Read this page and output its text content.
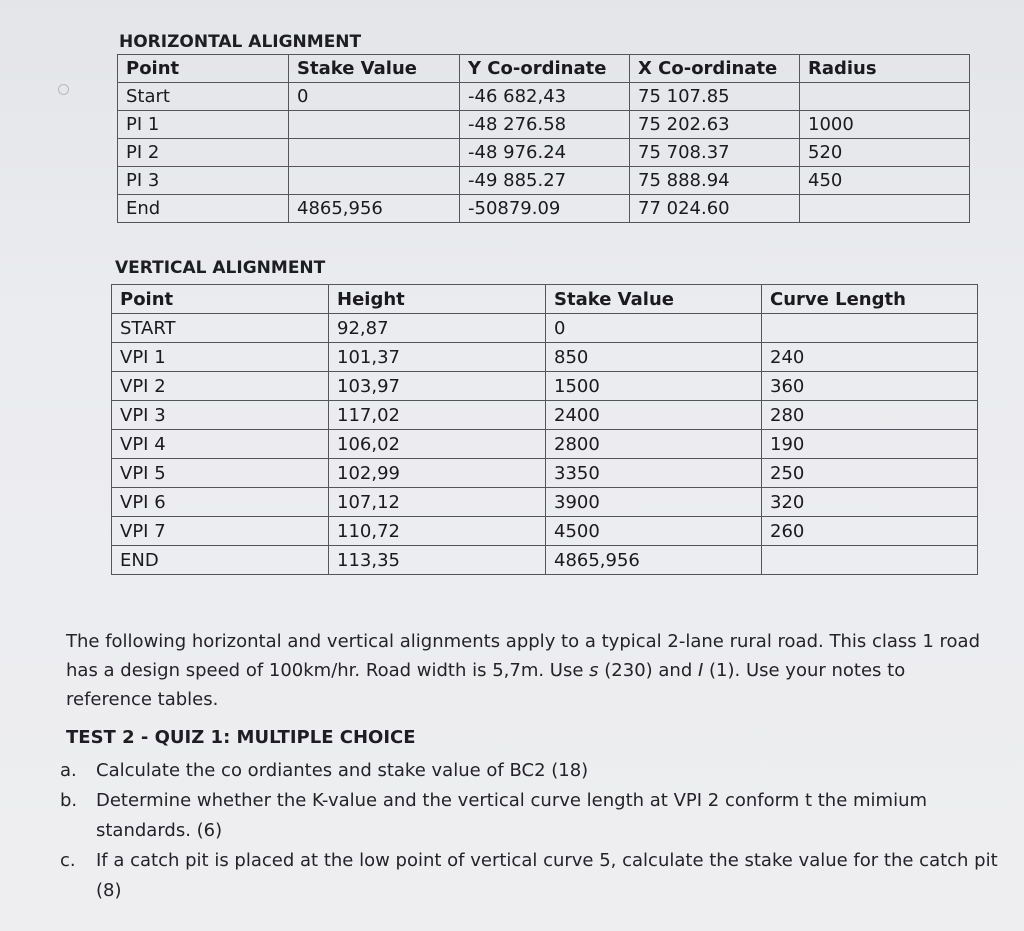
HORIZONTAL ALIGNMENT
Point	Stake Value	Y Co-ordinate	X Co-ordinate	Radius
Start	0	-46 682,43	75 107.85	
PI 1		-48 276.58	75 202.63	1000
PI 2		-48 976.24	75 708.37	520
PI 3		-49 885.27	75 888.94	450
End	4865,956	-50879.09	77 024.60	
VERTICAL ALIGNMENT
Point	Height	Stake Value	Curve Length
START	92,87	0	
VPI 1	101,37	850	240
VPI 2	103,97	1500	360
VPI 3	117,02	2400	280
VPI 4	106,02	2800	190
VPI 5	102,99	3350	250
VPI 6	107,12	3900	320
VPI 7	110,72	4500	260
END	113,35	4865,956	

The following horizontal and vertical alignments apply to a typical 2-lane rural road. This class 1 road has a design speed of 100km/hr. Road width is 5,7m. Use s (230) and I (1). Use your notes to reference tables.

TEST 2 - QUIZ 1: MULTIPLE CHOICE
a. Calculate the co ordiantes and stake value of BC2 (18)
b. Determine whether the K-value and the vertical curve length at VPI 2 conform t the mimium standards. (6)
c. If a catch pit is placed at the low point of vertical curve 5, calculate the stake value for the catch pit (8)
